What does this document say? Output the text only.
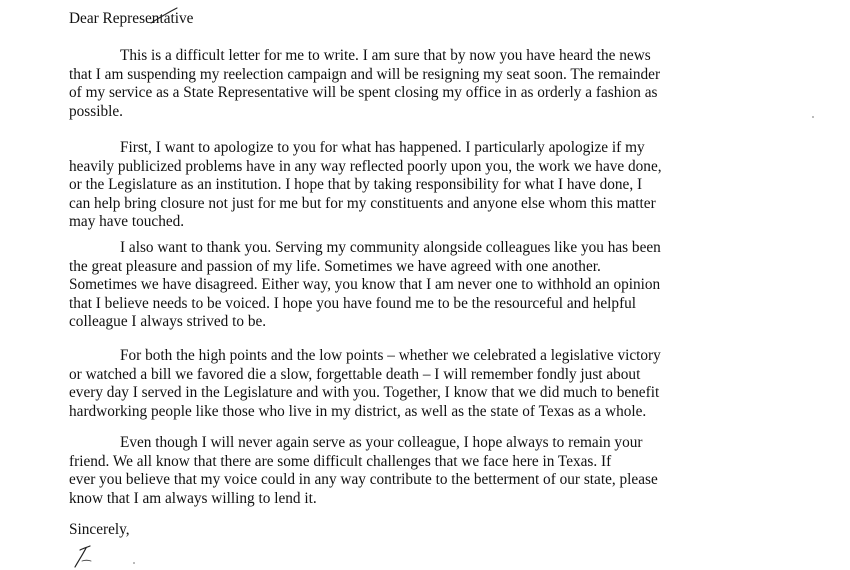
Dear Representative
This is a difficult letter for me to write. I am sure that by now you have heard the news
that I am suspending my reelection campaign and will be resigning my seat soon. The remainder
of my service as a State Representative will be spent closing my office in as orderly a fashion as
possible.
First, I want to apologize to you for what has happened. I particularly apologize if my
heavily publicized problems have in any way reflected poorly upon you, the work we have done,
or the Legislature as an institution. I hope that by taking responsibility for what I have done, I
can help bring closure not just for me but for my constituents and anyone else whom this matter
may have touched.
I also want to thank you. Serving my community alongside colleagues like you has been
the great pleasure and passion of my life. Sometimes we have agreed with one another.
Sometimes we have disagreed. Either way, you know that I am never one to withhold an opinion
that I believe needs to be voiced. I hope you have found me to be the resourceful and helpful
colleague I always strived to be.
For both the high points and the low points – whether we celebrated a legislative victory
or watched a bill we favored die a slow, forgettable death – I will remember fondly just about
every day I served in the Legislature and with you. Together, I know that we did much to benefit
hardworking people like those who live in my district, as well as the state of Texas as a whole.
Even though I will never again serve as your colleague, I hope always to remain your
friend. We all know that there are some difficult challenges that we face here in Texas. If
ever you believe that my voice could in any way contribute to the betterment of our state, please
know that I am always willing to lend it.
Sincerely,
